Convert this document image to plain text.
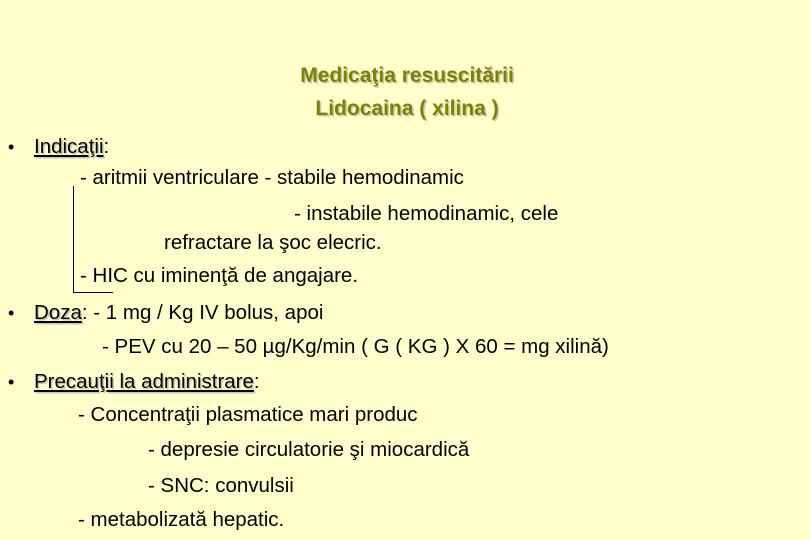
Medicaţia resuscitării
Lidocaina ( xilina )
• Indicaţii:
- aritmii ventriculare - stabile hemodinamic
- instabile hemodinamic, cele
refractare la şoc elecric.
- HIC cu iminenţă de angajare.
• Doza: - 1 mg / Kg IV bolus, apoi
- PEV cu 20 – 50 µg/Kg/min ( G ( KG ) X 60 = mg xilină)
• Precauţii la administrare:
- Concentraţii plasmatice mari produc
- depresie circulatorie şi miocardică
- SNC: convulsii
- metabolizată hepatic.
